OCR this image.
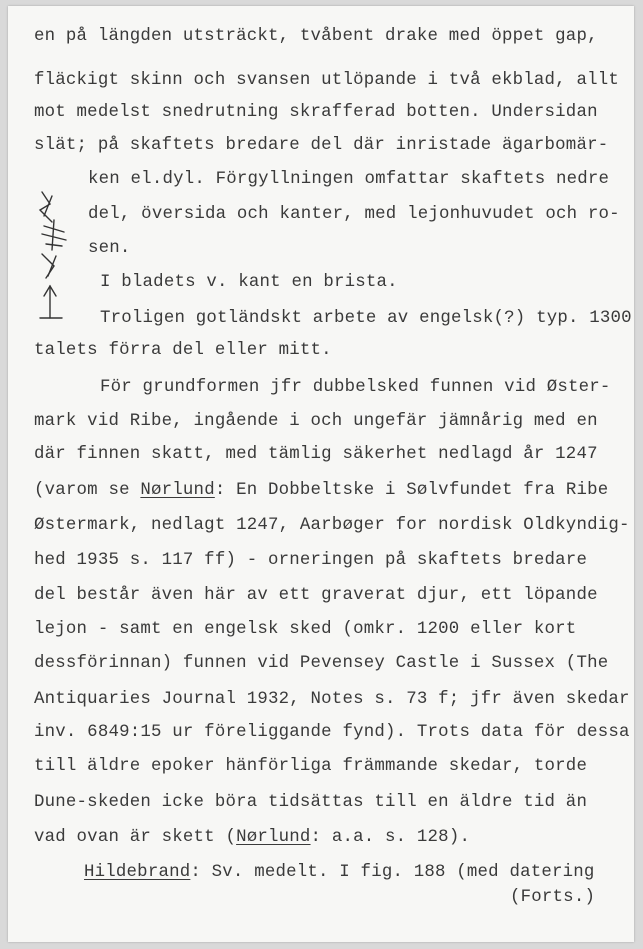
en på längden utsträckt, tvåbent drake med öppet gap,
fläckigt skinn och svansen utlöpande i två ekblad, allt
mot medelst snedrutning skrafferad botten. Undersidan
slät; på skaftets bredare del där inristade ägarbomär-
ken el.dyl. Förgyllningen omfattar skaftets nedre
del, översida och kanter, med lejonhuvudet och ro-
sen.
I bladets v. kant en brista.
Troligen gotländskt arbete av engelsk(?) typ. 1300
talets förra del eller mitt.
För grundformen jfr dubbelsked funnen vid Øster-
mark vid Ribe, ingående i och ungefär jämnårig med en
där finnen skatt, med tämlig säkerhet nedlagd år 1247
(varom se Nørlund: En Dobbeltske i Sølvfundet fra Ribe
Østermark, nedlagt 1247, Aarbøger for nordisk Oldkyndig-
hed 1935 s. 117 ff) - orneringen på skaftets bredare
del består även här av ett graverat djur, ett löpande
lejon - samt en engelsk sked (omkr. 1200 eller kort
dessförinnan) funnen vid Pevensey Castle i Sussex (The
Antiquaries Journal 1932, Notes s. 73 f; jfr även skedar
inv. 6849:15 ur föreliggande fynd). Trots data för dessa
till äldre epoker hänförliga främmande skedar, torde
Dune-skeden icke böra tidsättas till en äldre tid än
vad ovan är skett (Nørlund: a.a. s. 128).
Hildebrand: Sv. medelt. I fig. 188 (med datering
(Forts.)
